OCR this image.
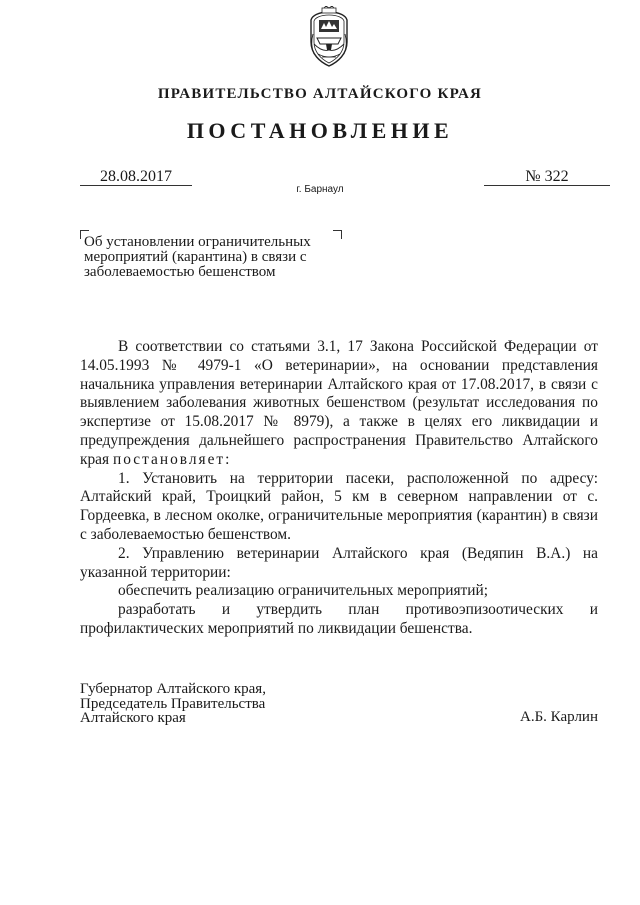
ПРАВИТЕЛЬСТВО АЛТАЙСКОГО КРАЯ
ПОСТАНОВЛЕНИЕ
28.08.2017	№ 322
г. Барнаул
Об установлении ограничительных
мероприятий (карантина) в связи с
заболеваемостью бешенством

В соответствии со статьями 3.1, 17 Закона Российской Федерации от 14.05.1993 № 4979-1 «О ветеринарии», на основании представления начальника управления ветеринарии Алтайского края от 17.08.2017, в связи с выявлением заболевания животных бешенством (результат исследования по экспертизе от 15.08.2017 № 8979), а также в целях его ликвидации и предупреждения дальнейшего распространения Правительство Алтайского края постановляет:

1. Установить на территории пасеки, расположенной по адресу: Алтайский край, Троицкий район, 5 км в северном направлении от с. Гордеевка, в лесном околке, ограничительные мероприятия (карантин) в связи с заболеваемостью бешенством.

2. Управлению ветеринарии Алтайского края (Ведяпин В.А.) на указанной территории:

обеспечить реализацию ограничительных мероприятий;

разработать и утвердить план противоэпизоотических и профилактических мероприятий по ликвидации бешенства.

Губернатор Алтайского края,
Председатель Правительства
Алтайского края	А.Б. Карлин
